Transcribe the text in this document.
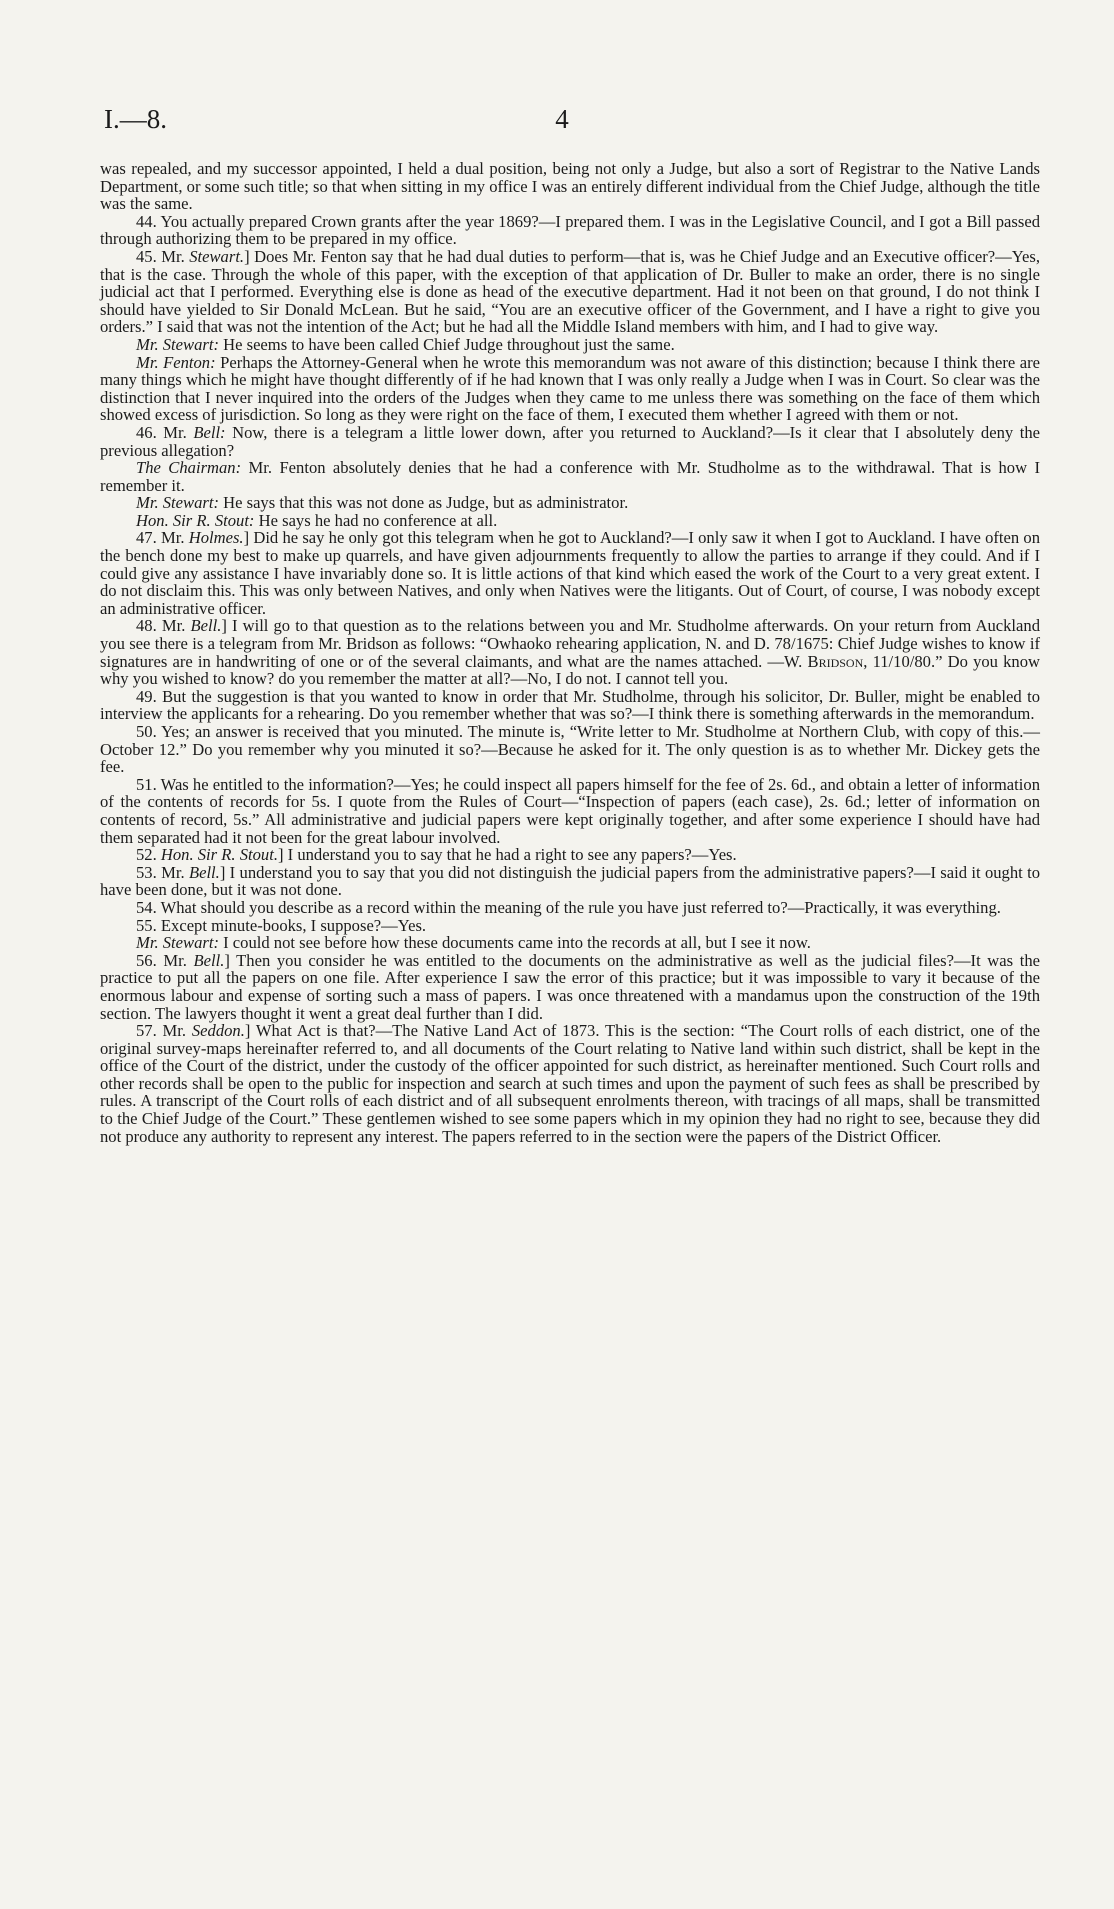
I.—8.	4

was repealed, and my successor appointed, I held a dual position, being not only a Judge, but also a sort of Registrar to the Native Lands Department, or some such title; so that when sitting in my office I was an entirely different individual from the Chief Judge, although the title was the same.

44. You actually prepared Crown grants after the year 1869?—I prepared them. I was in the Legislative Council, and I got a Bill passed through authorizing them to be prepared in my office.

45. Mr. Stewart.] Does Mr. Fenton say that he had dual duties to perform—that is, was he Chief Judge and an Executive officer?—Yes, that is the case. Through the whole of this paper, with the exception of that application of Dr. Buller to make an order, there is no single judicial act that I performed. Everything else is done as head of the executive department. Had it not been on that ground, I do not think I should have yielded to Sir Donald McLean. But he said, “You are an executive officer of the Government, and I have a right to give you orders.” I said that was not the intention of the Act; but he had all the Middle Island members with him, and I had to give way.

Mr. Stewart: He seems to have been called Chief Judge throughout just the same.

Mr. Fenton: Perhaps the Attorney-General when he wrote this memorandum was not aware of this distinction; because I think there are many things which he might have thought differently of if he had known that I was only really a Judge when I was in Court. So clear was the distinction that I never inquired into the orders of the Judges when they came to me unless there was something on the face of them which showed excess of jurisdiction. So long as they were right on the face of them, I executed them whether I agreed with them or not.

46. Mr. Bell: Now, there is a telegram a little lower down, after you returned to Auckland?—Is it clear that I absolutely deny the previous allegation?

The Chairman: Mr. Fenton absolutely denies that he had a conference with Mr. Studholme as to the withdrawal. That is how I remember it.

Mr. Stewart: He says that this was not done as Judge, but as administrator.

Hon. Sir R. Stout: He says he had no conference at all.

47. Mr. Holmes.] Did he say he only got this telegram when he got to Auckland?—I only saw it when I got to Auckland. I have often on the bench done my best to make up quarrels, and have given adjournments frequently to allow the parties to arrange if they could. And if I could give any assistance I have invariably done so. It is little actions of that kind which eased the work of the Court to a very great extent. I do not disclaim this. This was only between Natives, and only when Natives were the litigants. Out of Court, of course, I was nobody except an administrative officer.

48. Mr. Bell.] I will go to that question as to the relations between you and Mr. Studholme afterwards. On your return from Auckland you see there is a telegram from Mr. Bridson as follows: “Owhaoko rehearing application, N. and D. 78/1675: Chief Judge wishes to know if signatures are in handwriting of one or of the several claimants, and what are the names attached. —W. Bridson, 11/10/80.” Do you know why you wished to know? do you remember the matter at all?—No, I do not. I cannot tell you.

49. But the suggestion is that you wanted to know in order that Mr. Studholme, through his solicitor, Dr. Buller, might be enabled to interview the applicants for a rehearing. Do you remember whether that was so?—I think there is something afterwards in the memorandum.

50. Yes; an answer is received that you minuted. The minute is, “Write letter to Mr. Studholme at Northern Club, with copy of this.—October 12.” Do you remember why you minuted it so?—Because he asked for it. The only question is as to whether Mr. Dickey gets the fee.

51. Was he entitled to the information?—Yes; he could inspect all papers himself for the fee of 2s. 6d., and obtain a letter of information of the contents of records for 5s. I quote from the Rules of Court—“Inspection of papers (each case), 2s. 6d.; letter of information on contents of record, 5s.” All administrative and judicial papers were kept originally together, and after some experience I should have had them separated had it not been for the great labour involved.

52. Hon. Sir R. Stout.] I understand you to say that he had a right to see any papers?—Yes.

53. Mr. Bell.] I understand you to say that you did not distinguish the judicial papers from the administrative papers?—I said it ought to have been done, but it was not done.

54. What should you describe as a record within the meaning of the rule you have just referred to?—Practically, it was everything.

55. Except minute-books, I suppose?—Yes.

Mr. Stewart: I could not see before how these documents came into the records at all, but I see it now.

56. Mr. Bell.] Then you consider he was entitled to the documents on the administrative as well as the judicial files?—It was the practice to put all the papers on one file. After experience I saw the error of this practice; but it was impossible to vary it because of the enormous labour and expense of sorting such a mass of papers. I was once threatened with a mandamus upon the construction of the 19th section. The lawyers thought it went a great deal further than I did.

57. Mr. Seddon.] What Act is that?—The Native Land Act of 1873. This is the section: “The Court rolls of each district, one of the original survey-maps hereinafter referred to, and all documents of the Court relating to Native land within such district, shall be kept in the office of the Court of the district, under the custody of the officer appointed for such district, as hereinafter mentioned. Such Court rolls and other records shall be open to the public for inspection and search at such times and upon the payment of such fees as shall be prescribed by rules. A transcript of the Court rolls of each district and of all subsequent enrolments thereon, with tracings of all maps, shall be transmitted to the Chief Judge of the Court.” These gentlemen wished to see some papers which in my opinion they had no right to see, because they did not produce any authority to represent any interest. The papers referred to in the section were the papers of the District Officer.
